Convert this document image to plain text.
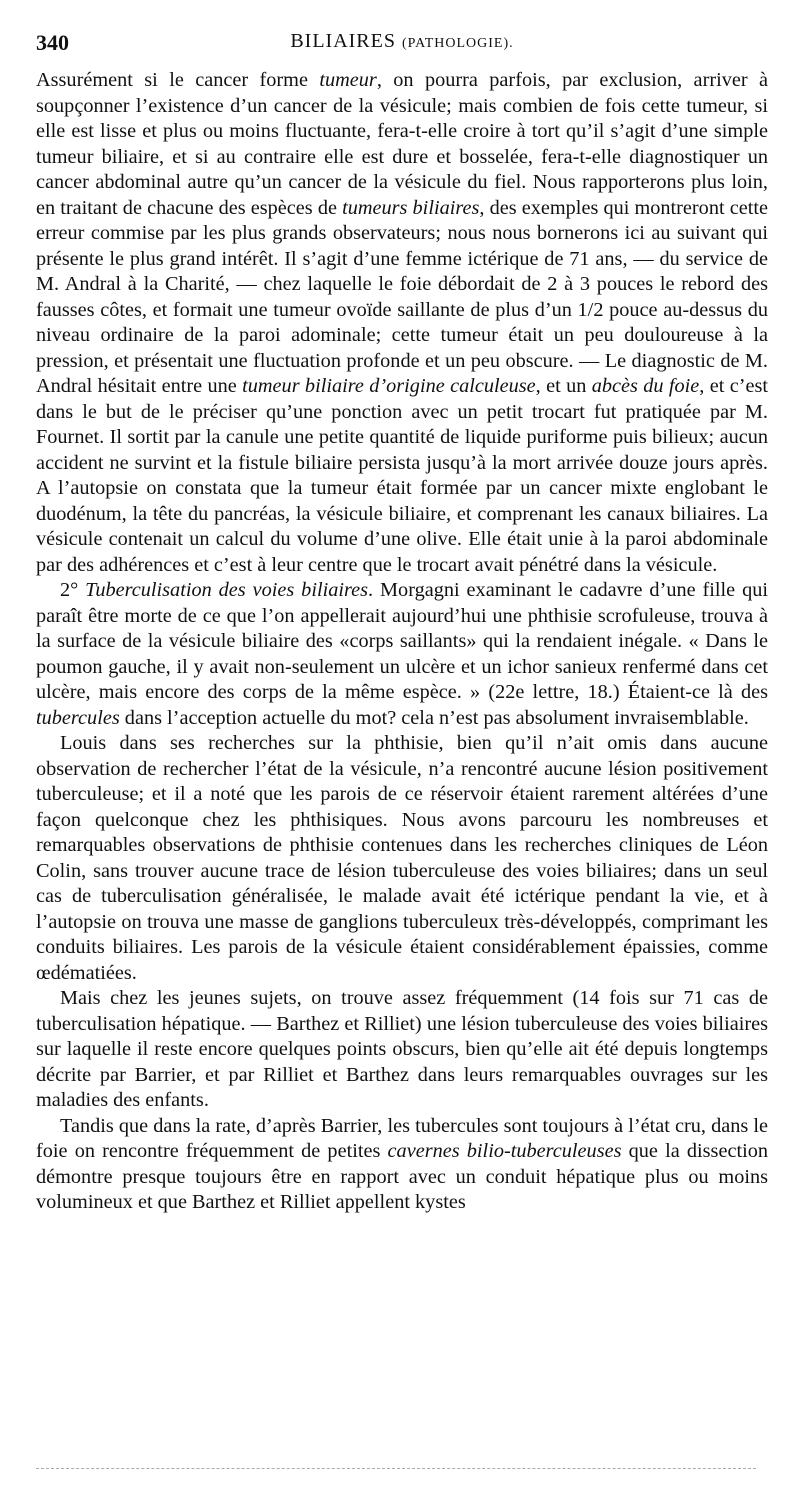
340	BILIAIRES (PATHOLOGIE).

Assurément si le cancer forme tumeur, on pourra parfois, par exclusion, arriver à soupçonner l’existence d’un cancer de la vésicule; mais combien de fois cette tumeur, si elle est lisse et plus ou moins fluctuante, fera-t-elle croire à tort qu’il s’agit d’une simple tumeur biliaire, et si au contraire elle est dure et bosselée, fera-t-elle diagnostiquer un cancer abdominal autre qu’un cancer de la vésicule du fiel. Nous rapporterons plus loin, en traitant de chacune des espèces de tumeurs biliaires, des exemples qui montreront cette erreur commise par les plus grands observateurs; nous nous bornerons ici au suivant qui présente le plus grand intérêt. Il s’agit d’une femme ictérique de 71 ans, — du service de M. Andral à la Charité, — chez laquelle le foie débordait de 2 à 3 pouces le rebord des fausses côtes, et formait une tumeur ovoïde saillante de plus d’un 1/2 pouce au-dessus du niveau ordinaire de la paroi adominale; cette tumeur était un peu douloureuse à la pression, et présentait une fluctuation profonde et un peu obscure. — Le diagnostic de M. Andral hésitait entre une tumeur biliaire d’origine calculeuse, et un abcès du foie, et c’est dans le but de le préciser qu’une ponction avec un petit trocart fut pratiquée par M. Fournet. Il sortit par la canule une petite quantité de liquide puriforme puis bilieux; aucun accident ne survint et la fistule biliaire persista jusqu’à la mort arrivée douze jours après. A l’autopsie on constata que la tumeur était formée par un cancer mixte englobant le duodénum, la tête du pancréas, la vésicule biliaire, et comprenant les canaux biliaires. La vésicule contenait un calcul du volume d’une olive. Elle était unie à la paroi abdominale par des adhérences et c’est à leur centre que le trocart avait pénétré dans la vésicule.

2° Tuberculisation des voies biliaires. Morgagni examinant le cadavre d’une fille qui paraît être morte de ce que l’on appellerait aujourd’hui une phthisie scrofuleuse, trouva à la surface de la vésicule biliaire des «corps saillants» qui la rendaient inégale. « Dans le poumon gauche, il y avait non-seulement un ulcère et un ichor sanieux renfermé dans cet ulcère, mais encore des corps de la même espèce. » (22e lettre, 18.) Étaient-ce là des tubercules dans l’acception actuelle du mot? cela n’est pas absolument invraisemblable.

Louis dans ses recherches sur la phthisie, bien qu’il n’ait omis dans aucune observation de rechercher l’état de la vésicule, n’a rencontré aucune lésion positivement tuberculeuse; et il a noté que les parois de ce réservoir étaient rarement altérées d’une façon quelconque chez les phthisiques. Nous avons parcouru les nombreuses et remarquables observations de phthisie contenues dans les recherches cliniques de Léon Colin, sans trouver aucune trace de lésion tuberculeuse des voies biliaires; dans un seul cas de tuberculisation généralisée, le malade avait été ictérique pendant la vie, et à l’autopsie on trouva une masse de ganglions tuberculeux très-développés, comprimant les conduits biliaires. Les parois de la vésicule étaient considérablement épaissies, comme œdématiées.

Mais chez les jeunes sujets, on trouve assez fréquemment (14 fois sur 71 cas de tuberculisation hépatique. — Barthez et Rilliet) une lésion tuberculeuse des voies biliaires sur laquelle il reste encore quelques points obscurs, bien qu’elle ait été depuis longtemps décrite par Barrier, et par Rilliet et Barthez dans leurs remarquables ouvrages sur les maladies des enfants.

Tandis que dans la rate, d’après Barrier, les tubercules sont toujours à l’état cru, dans le foie on rencontre fréquemment de petites cavernes bilio-tuberculeuses que la dissection démontre presque toujours être en rapport avec un conduit hépatique plus ou moins volumineux et que Barthez et Rilliet appellent kystes
